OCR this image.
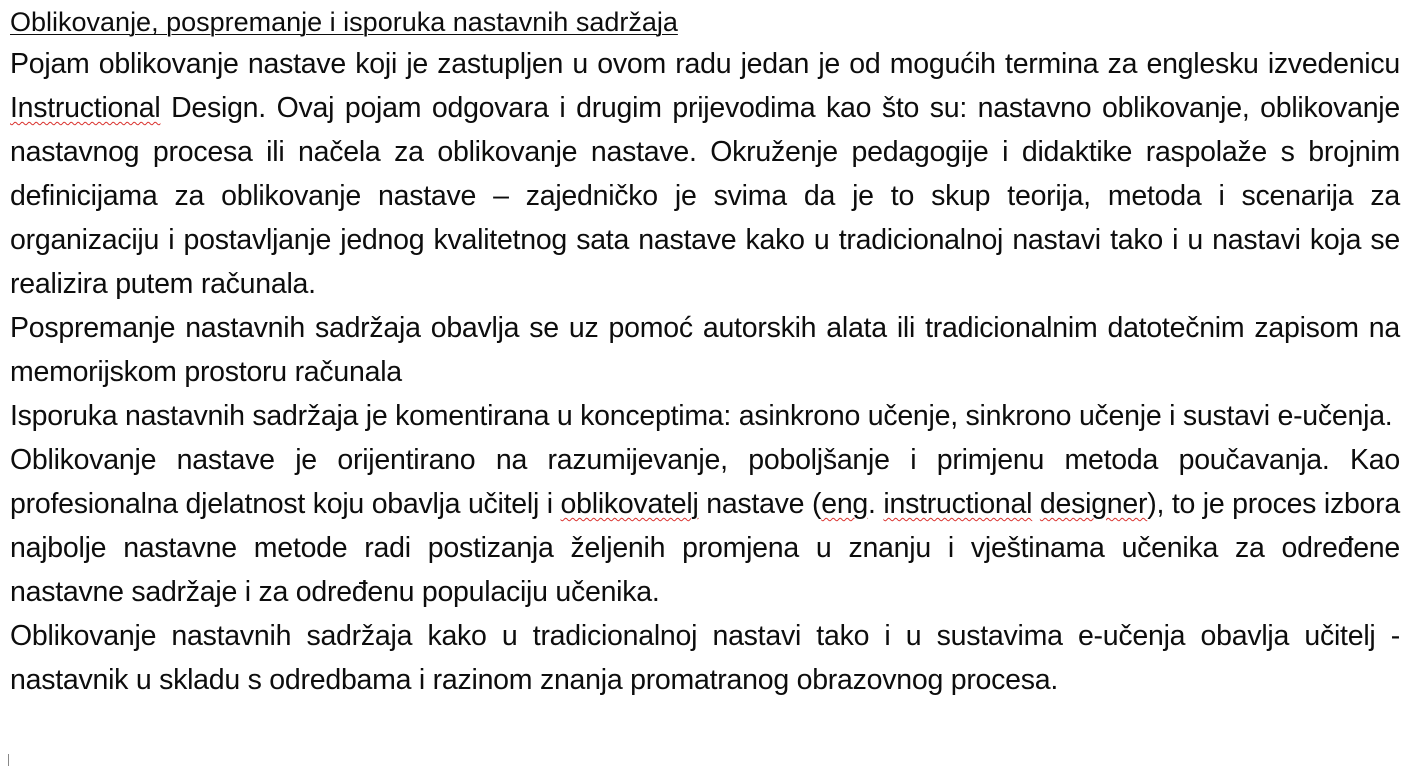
Oblikovanje, pospremanje i isporuka nastavnih sadržaja

Pojam oblikovanje nastave koji je zastupljen u ovom radu jedan je od mogućih termina za englesku izvedenicu Instructional Design. Ovaj pojam odgovara i drugim prijevodima kao što su: nastavno oblikovanje, oblikovanje nastavnog procesa ili načela za oblikovanje nastave. Okruženje pedagogije i didaktike raspolaže s brojnim definicijama za oblikovanje nastave – zajedničko je svima da je to skup teorija, metoda i scenarija za organizaciju i postavljanje jednog kvalitetnog sata nastave kako u tradicionalnoj nastavi tako i u nastavi koja se realizira putem računala.

Pospremanje nastavnih sadržaja obavlja se uz pomoć autorskih alata ili tradicionalnim datotečnim zapisom na memorijskom prostoru računala

Isporuka nastavnih sadržaja je komentirana u konceptima: asinkrono učenje, sinkrono učenje i sustavi e-učenja.

Oblikovanje nastave je orijentirano na razumijevanje, poboljšanje i primjenu metoda poučavanja. Kao profesionalna djelatnost koju obavlja učitelj i oblikovatelj nastave (eng. instructional designer), to je proces izbora najbolje nastavne metode radi postizanja željenih promjena u znanju i vještinama učenika za određene nastavne sadržaje i za određenu populaciju učenika.

Oblikovanje nastavnih sadržaja kako u tradicionalnoj nastavi tako i u sustavima e-učenja obavlja učitelj - nastavnik u skladu s odredbama i razinom znanja promatranog obrazovnog procesa.
